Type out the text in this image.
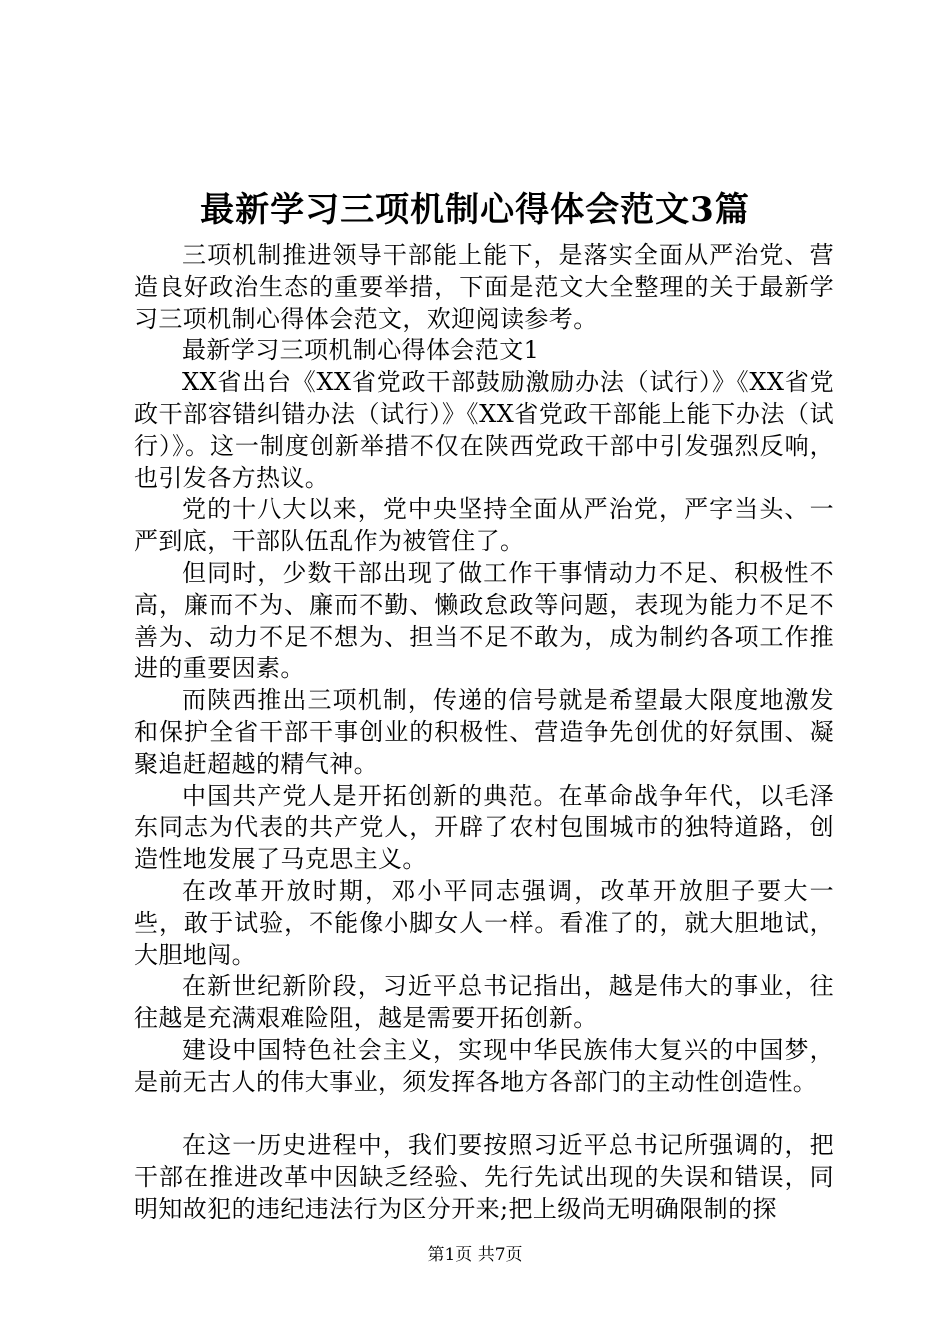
最新学习三项机制心得体会范文3篇

三项机制推进领导干部能上能下，是落实全面从严治党、营造良好政治生态的重要举措，下面是范文大全整理的关于最新学习三项机制心得体会范文，欢迎阅读参考。

最新学习三项机制心得体会范文1

XX省出台《XX省党政干部鼓励激励办法（试行）》《XX省党政干部容错纠错办法（试行）》《XX省党政干部能上能下办法（试行）》。这一制度创新举措不仅在陕西党政干部中引发强烈反响，也引发各方热议。

党的十八大以来，党中央坚持全面从严治党，严字当头、一严到底，干部队伍乱作为被管住了。

但同时，少数干部出现了做工作干事情动力不足、积极性不高，廉而不为、廉而不勤、懒政怠政等问题，表现为能力不足不善为、动力不足不想为、担当不足不敢为，成为制约各项工作推进的重要因素。

而陕西推出三项机制，传递的信号就是希望最大限度地激发和保护全省干部干事创业的积极性、营造争先创优的好氛围、凝聚追赶超越的精气神。

中国共产党人是开拓创新的典范。在革命战争年代，以毛泽东同志为代表的共产党人，开辟了农村包围城市的独特道路，创造性地发展了马克思主义。

在改革开放时期，邓小平同志强调，改革开放胆子要大一些，敢于试验，不能像小脚女人一样。看准了的，就大胆地试，大胆地闯。

在新世纪新阶段，习近平总书记指出，越是伟大的事业，往往越是充满艰难险阻，越是需要开拓创新。

建设中国特色社会主义，实现中华民族伟大复兴的中国梦，是前无古人的伟大事业，须发挥各地方各部门的主动性创造性。

在这一历史进程中，我们要按照习近平总书记所强调的，把干部在推进改革中因缺乏经验、先行先试出现的失误和错误，同明知故犯的违纪违法行为区分开来;把上级尚无明确限制的探

第1页 共7页
